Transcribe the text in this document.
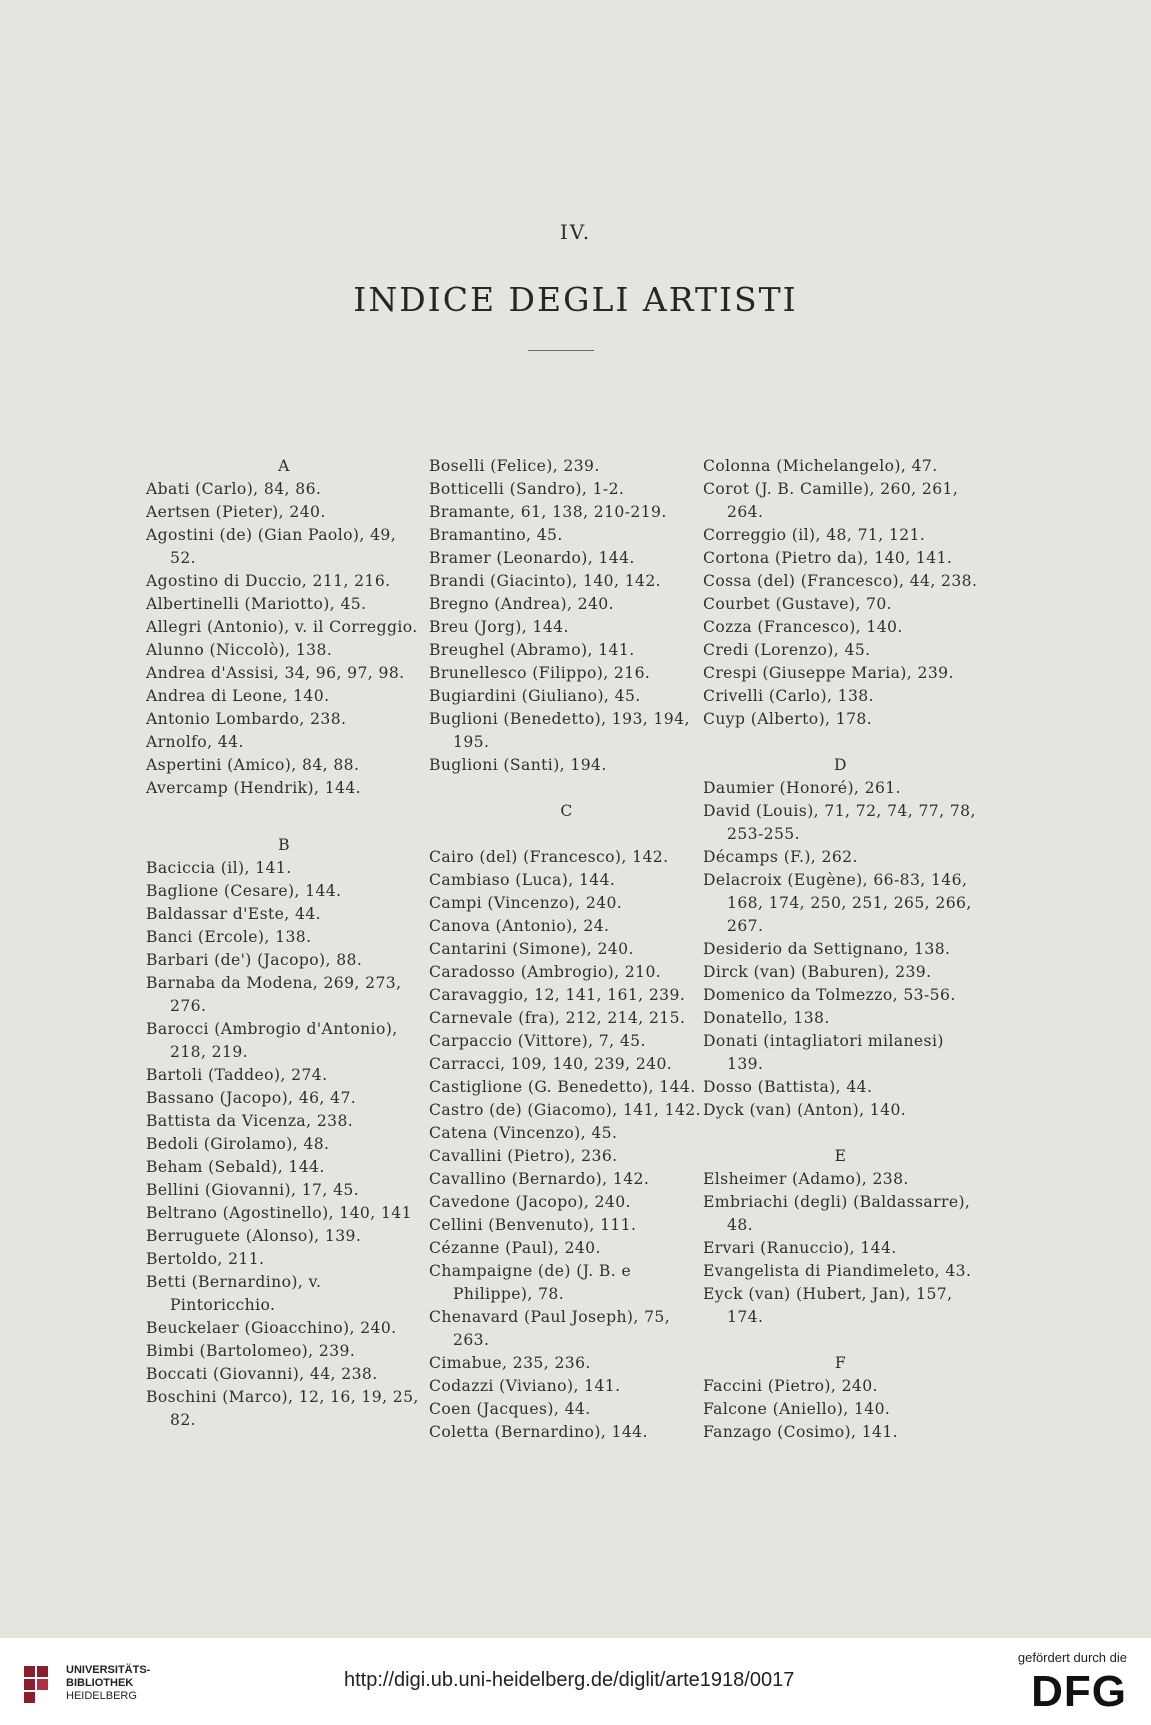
IV.
INDICE DEGLI ARTISTI
A
Abati (Carlo), 84, 86.
Aertsen (Pieter), 240.
Agostini (de) (Gian Paolo), 49, 52.
Agostino di Duccio, 211, 216.
Albertinelli (Mariotto), 45.
Allegri (Antonio), v. il Correggio.
Alunno (Niccolò), 138.
Andrea d'Assisi, 34, 96, 97, 98.
Andrea di Leone, 140.
Antonio Lombardo, 238.
Arnolfo, 44.
Aspertini (Amico), 84, 88.
Avercamp (Hendrik), 144.
B
Baciccia (il), 141.
Baglione (Cesare), 144.
Baldassar d'Este, 44.
Banci (Ercole), 138.
Barbari (de') (Jacopo), 88.
Barnaba da Modena, 269, 273, 276.
Barocci (Ambrogio d'Antonio), 218, 219.
Bartoli (Taddeo), 274.
Bassano (Jacopo), 46, 47.
Battista da Vicenza, 238.
Bedoli (Girolamo), 48.
Beham (Sebald), 144.
Bellini (Giovanni), 17, 45.
Beltrano (Agostinello), 140, 141
Berruguete (Alonso), 139.
Bertoldo, 211.
Betti (Bernardino), v. Pintoricchio.
Beuckelaer (Gioacchino), 240.
Bimbi (Bartolomeo), 239.
Boccati (Giovanni), 44, 238.
Boschini (Marco), 12, 16, 19, 25, 82.
Boselli (Felice), 239.
Botticelli (Sandro), 1-2.
Bramante, 61, 138, 210-219.
Bramantino, 45.
Bramer (Leonardo), 144.
Brandi (Giacinto), 140, 142.
Bregno (Andrea), 240.
Breu (Jorg), 144.
Breughel (Abramo), 141.
Brunellesco (Filippo), 216.
Bugiardini (Giuliano), 45.
Buglioni (Benedetto), 193, 194, 195.
Buglioni (Santi), 194.
C
Cairo (del) (Francesco), 142.
Cambiaso (Luca), 144.
Campi (Vincenzo), 240.
Canova (Antonio), 24.
Cantarini (Simone), 240.
Caradosso (Ambrogio), 210.
Caravaggio, 12, 141, 161, 239.
Carnevale (fra), 212, 214, 215.
Carpaccio (Vittore), 7, 45.
Carracci, 109, 140, 239, 240.
Castiglione (G. Benedetto), 144.
Castro (de) (Giacomo), 141, 142.
Catena (Vincenzo), 45.
Cavallini (Pietro), 236.
Cavallino (Bernardo), 142.
Cavedone (Jacopo), 240.
Cellini (Benvenuto), 111.
Cézanne (Paul), 240.
Champaigne (de) (J. B. e Philippe), 78.
Chenavard (Paul Joseph), 75, 263.
Cimabue, 235, 236.
Codazzi (Viviano), 141.
Coen (Jacques), 44.
Coletta (Bernardino), 144.
Colonna (Michelangelo), 47.
Corot (J. B. Camille), 260, 261, 264.
Correggio (il), 48, 71, 121.
Cortona (Pietro da), 140, 141.
Cossa (del) (Francesco), 44, 238.
Courbet (Gustave), 70.
Cozza (Francesco), 140.
Credi (Lorenzo), 45.
Crespi (Giuseppe Maria), 239.
Crivelli (Carlo), 138.
Cuyp (Alberto), 178.
D
Daumier (Honoré), 261.
David (Louis), 71, 72, 74, 77, 78, 253-255.
Décamps (F.), 262.
Delacroix (Eugène), 66-83, 146, 168, 174, 250, 251, 265, 266, 267.
Desiderio da Settignano, 138.
Dirck (van) (Baburen), 239.
Domenico da Tolmezzo, 53-56.
Donatello, 138.
Donati (intagliatori milanesi) 139.
Dosso (Battista), 44.
Dyck (van) (Anton), 140.
E
Elsheimer (Adamo), 238.
Embriachi (degli) (Baldassarre), 48.
Ervari (Ranuccio), 144.
Evangelista di Piandimeleto, 43.
Eyck (van) (Hubert, Jan), 157, 174.
F
Faccini (Pietro), 240.
Falcone (Aniello), 140.
Fanzago (Cosimo), 141.
UNIVERSITÄTS-
BIBLIOTHEK
HEIDELBERG
http://digi.ub.uni-heidelberg.de/diglit/arte1918/0017
gefördert durch die
DFG
